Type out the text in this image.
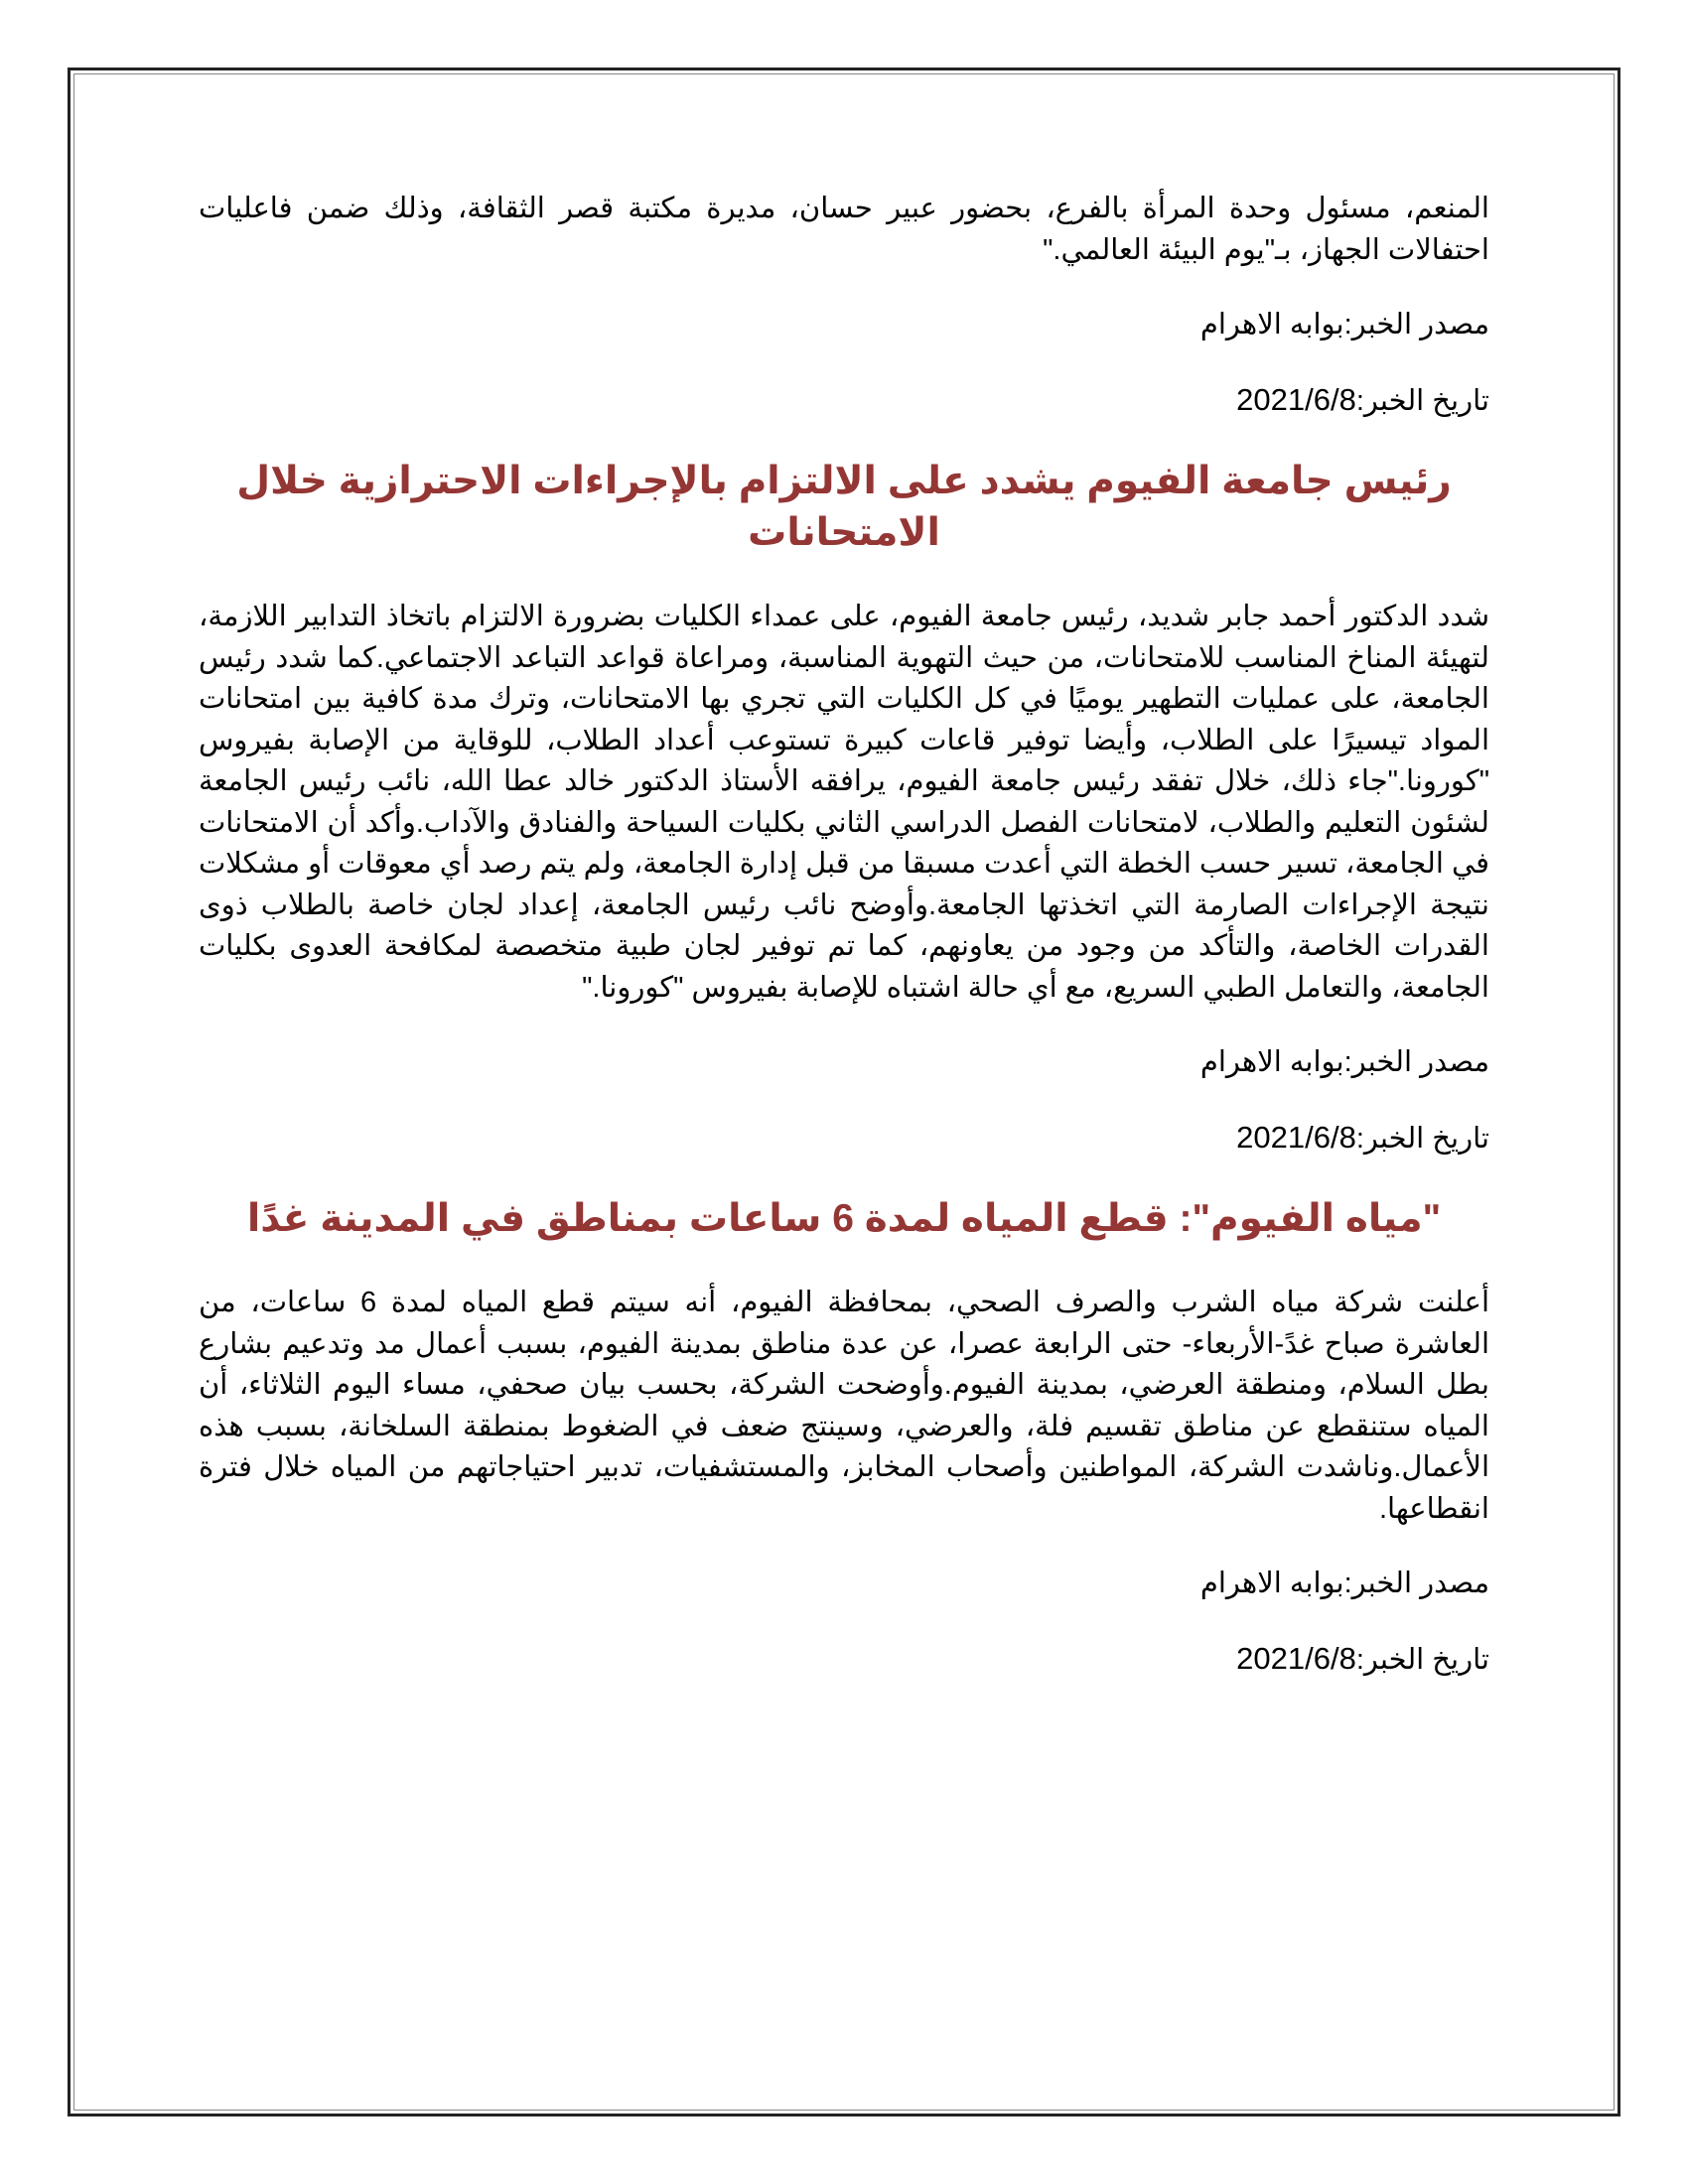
المنعم، مسئول وحدة المرأة بالفرع، بحضور عبير حسان، مديرة مكتبة قصر الثقافة، وذلك ضمن فاعليات احتفالات الجهاز، بـ"يوم البيئة العالمي."

مصدر الخبر:بوابه الاهرام

تاريخ الخبر:2021/6/8

رئيس جامعة الفيوم يشدد على الالتزام بالإجراءات الاحترازية خلال الامتحانات

شدد الدكتور أحمد جابر شديد، رئيس جامعة الفيوم، على عمداء الكليات بضرورة الالتزام باتخاذ التدابير اللازمة، لتهيئة المناخ المناسب للامتحانات، من حيث التهوية المناسبة، ومراعاة قواعد التباعد الاجتماعي.كما شدد رئيس الجامعة، على عمليات التطهير يوميًا في كل الكليات التي تجري بها الامتحانات، وترك مدة كافية بين امتحانات المواد تيسيرًا على الطلاب، وأيضا توفير قاعات كبيرة تستوعب أعداد الطلاب، للوقاية من الإصابة بفيروس "كورونا."جاء ذلك، خلال تفقد رئيس جامعة الفيوم، يرافقه الأستاذ الدكتور خالد عطا الله، نائب رئيس الجامعة لشئون التعليم والطلاب، لامتحانات الفصل الدراسي الثاني بكليات السياحة والفنادق والآداب.وأكد أن الامتحانات في الجامعة، تسير حسب الخطة التي أعدت مسبقا من قبل إدارة الجامعة، ولم يتم رصد أي معوقات أو مشكلات نتيجة الإجراءات الصارمة التي اتخذتها الجامعة.وأوضح نائب رئيس الجامعة، إعداد لجان خاصة بالطلاب ذوى القدرات الخاصة، والتأكد من وجود من يعاونهم، كما تم توفير لجان طبية متخصصة لمكافحة العدوى بكليات الجامعة، والتعامل الطبي السريع، مع أي حالة اشتباه للإصابة بفيروس "كورونا."

مصدر الخبر:بوابه الاهرام

تاريخ الخبر:2021/6/8

"مياه الفيوم": قطع المياه لمدة 6 ساعات بمناطق في المدينة غدًا

أعلنت شركة مياه الشرب والصرف الصحي، بمحافظة الفيوم، أنه سيتم قطع المياه لمدة 6 ساعات، من العاشرة صباح غدً-الأربعاء- حتى الرابعة عصرا، عن عدة مناطق بمدينة الفيوم، بسبب أعمال مد وتدعيم بشارع بطل السلام، ومنطقة العرضي، بمدينة الفيوم.وأوضحت الشركة، بحسب بيان صحفي، مساء اليوم الثلاثاء، أن المياه ستنقطع عن مناطق تقسيم فلة، والعرضي، وسينتج ضعف في الضغوط بمنطقة السلخانة، بسبب هذه الأعمال.وناشدت الشركة، المواطنين وأصحاب المخابز، والمستشفيات، تدبير احتياجاتهم من المياه خلال فترة انقطاعها.

مصدر الخبر:بوابه الاهرام

تاريخ الخبر:2021/6/8
